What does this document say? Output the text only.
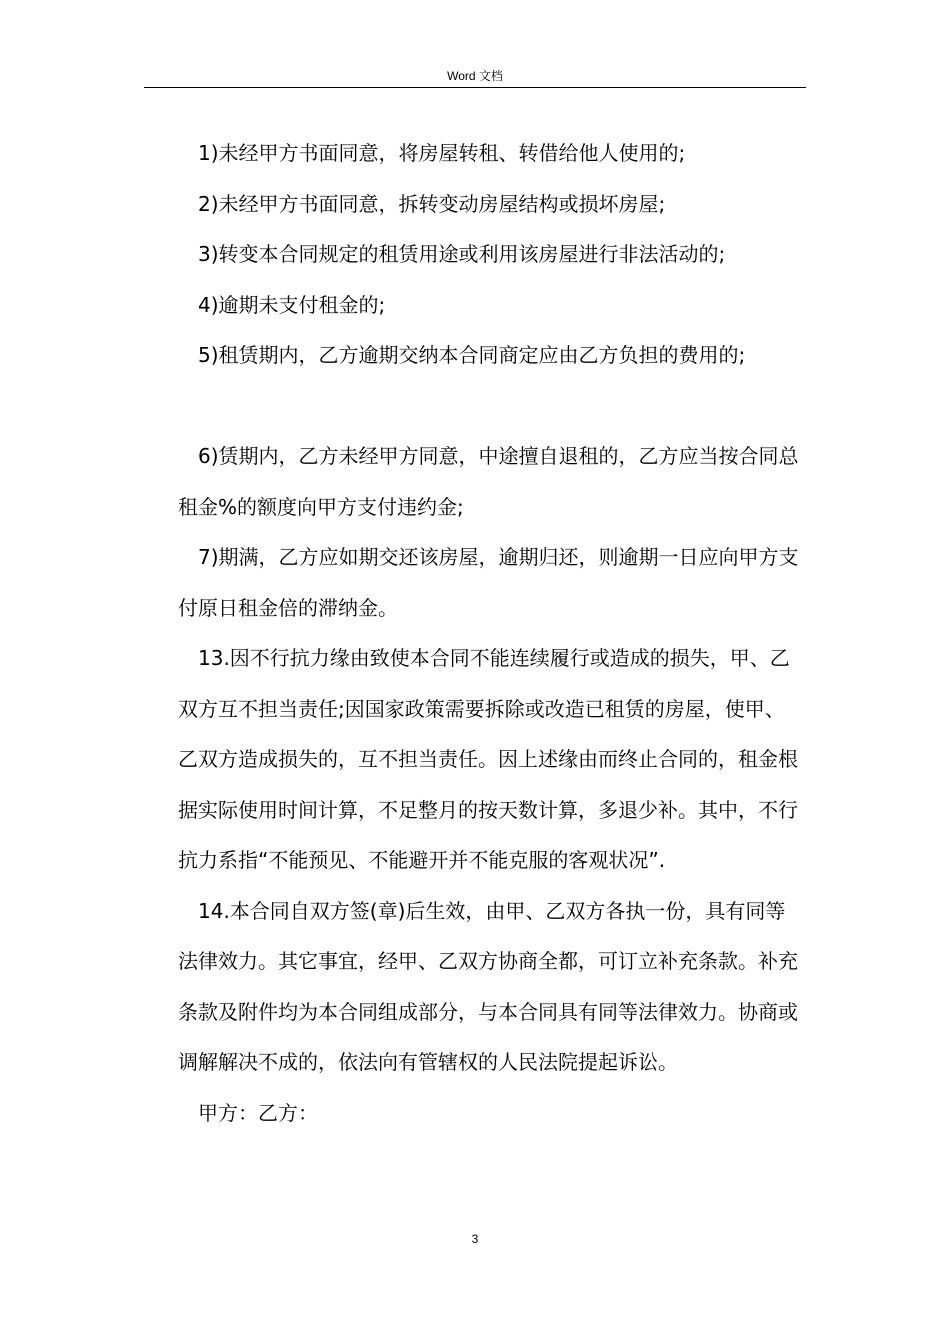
Word 文档

1)未经甲方书面同意，将房屋转租、转借给他人使用的;

2)未经甲方书面同意，拆转变动房屋结构或损坏房屋;

3)转变本合同规定的租赁用途或利用该房屋进行非法活动的;

4)逾期未支付租金的;

5)租赁期内，乙方逾期交纳本合同商定应由乙方负担的费用的;

6)赁期内，乙方未经甲方同意，中途擅自退租的，乙方应当按合同总租金%的额度向甲方支付违约金;

7)期满，乙方应如期交还该房屋，逾期归还，则逾期一日应向甲方支付原日租金倍的滞纳金。

13.因不行抗力缘由致使本合同不能连续履行或造成的损失，甲、乙双方互不担当责任;因国家政策需要拆除或改造已租赁的房屋，使甲、乙双方造成损失的，互不担当责任。因上述缘由而终止合同的，租金根据实际使用时间计算，不足整月的按天数计算，多退少补。其中，不行抗力系指“不能预见、不能避开并不能克服的客观状况”.

14.本合同自双方签(章)后生效，由甲、乙双方各执一份，具有同等法律效力。其它事宜，经甲、乙双方协商全都，可订立补充条款。补充条款及附件均为本合同组成部分，与本合同具有同等法律效力。协商或调解解决不成的，依法向有管辖权的人民法院提起诉讼。

甲方：乙方：

3
